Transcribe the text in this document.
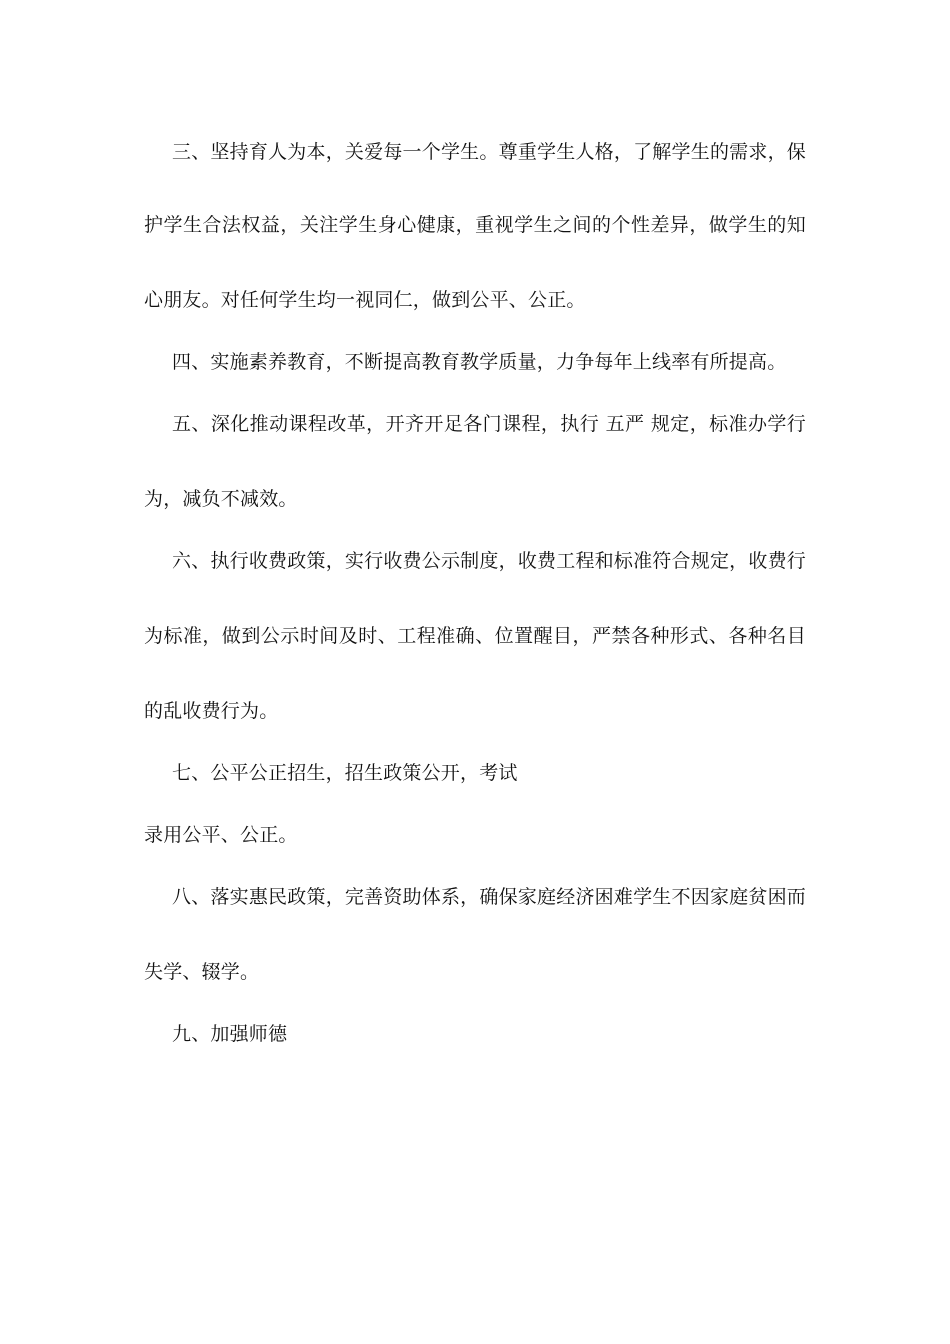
三、坚持育人为本，关爱每一个学生。尊重学生人格，了解学生的需求，保
护学生合法权益，关注学生身心健康，重视学生之间的个性差异，做学生的知
心朋友。对任何学生均一视同仁，做到公平、公正。
四、实施素养教育，不断提高教育教学质量，力争每年上线率有所提高。
五、深化推动课程改革，开齐开足各门课程，执行 五严 规定，标准办学行
为，减负不减效。
六、执行收费政策，实行收费公示制度，收费工程和标准符合规定，收费行
为标准，做到公示时间及时、工程准确、位置醒目，严禁各种形式、各种名目
的乱收费行为。
七、公平公正招生，招生政策公开，考试
录用公平、公正。
八、落实惠民政策，完善资助体系，确保家庭经济困难学生不因家庭贫困而
失学、辍学。
九、加强师德
